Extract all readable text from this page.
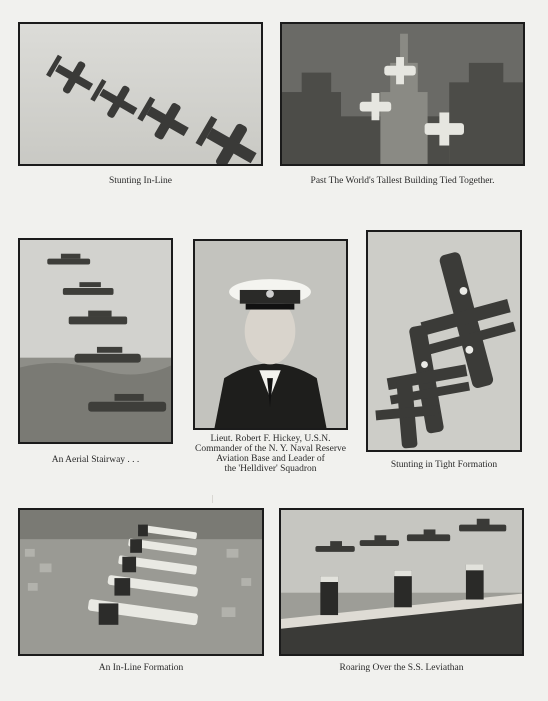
Stunting In-Line	Past The World's Tallest Building Tied Together.
An Aerial Stairway . . .
Lieut. Robert F. Hickey, U.S.N.
Commander of the N. Y. Naval Reserve
Aviation Base and Leader of
the 'Helldiver' Squadron	Stunting in Tight Formation
An In-Line Formation	Roaring Over the S.S. Leviathan
